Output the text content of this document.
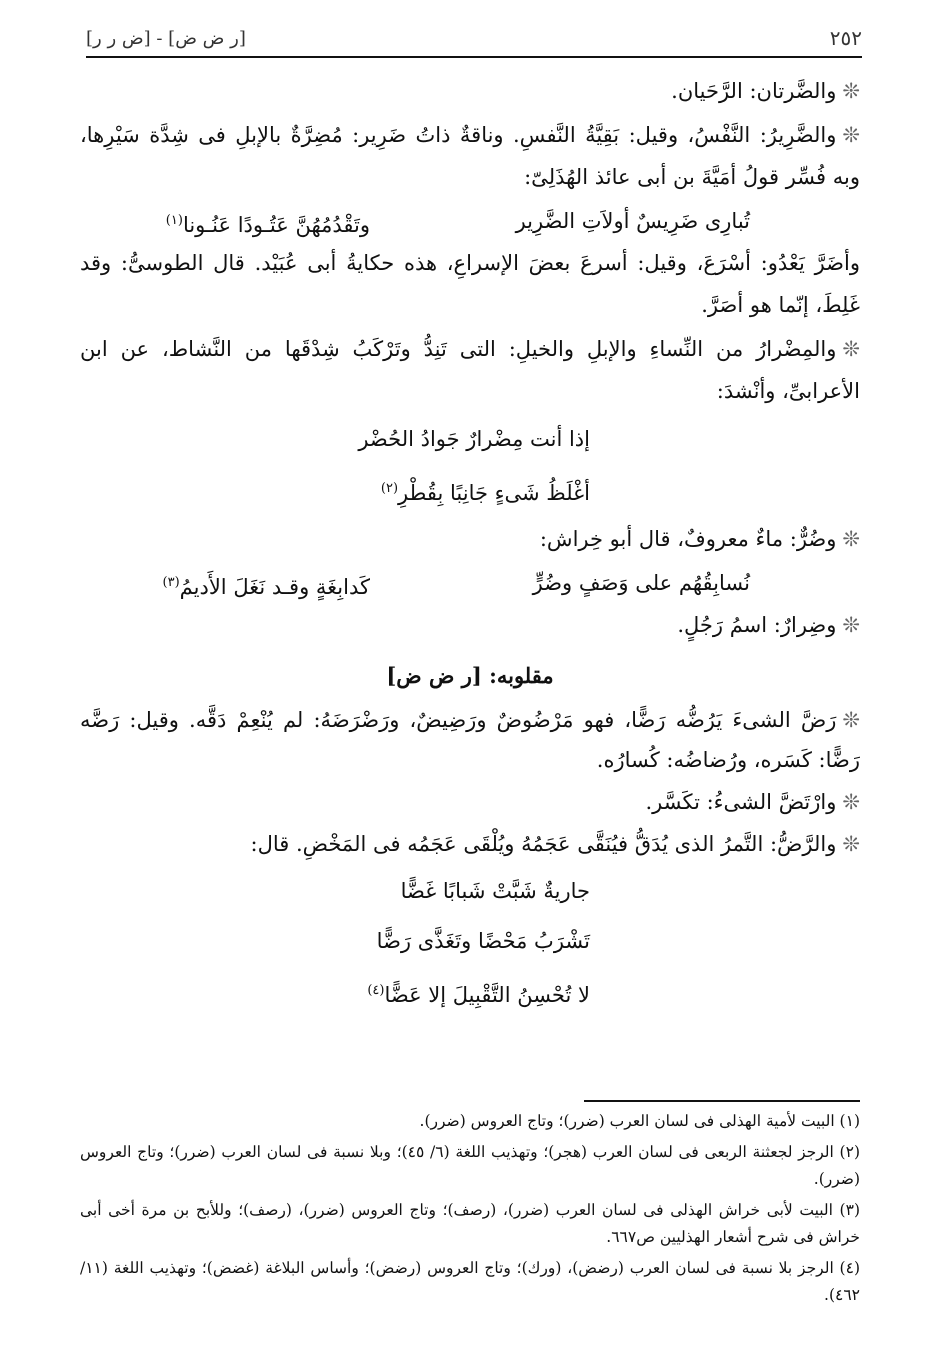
[ض ر ر] - [ر ض ض]	٢٥٢

❊والضَّرتان: الرَّحَيان.

❊والضَّرِيرُ: النَّفْسُ، وقيل: بَقِيَّةُ النَّفسِ. وناقةٌ ذاتُ ضَرِير: مُضِرَّةٌ بالإبلِ فى شِدَّة سَيْرِها، وبه فُسِّر قولُ أمَيَّةَ بن أبى عائذ الهُذَلِىّ:

تُبارِى ضَرِيسٌ أولاَتِ الضَّرِير
وتَقْدُمُهُنَّ عَتُـودًا عَنُـونا$^{(١)}$

وأضَرَّ يَعْدُو: أسْرَعَ، وقيل: أسرعَ بعضَ الإسراعِ، هذه حكايةُ أبى عُبَيْد. قال الطوسىُّ: وقد غَلِطَ، إنّما هو أصَرَّ.

❊والمِضْرارُ من النِّساءِ والإبلِ والخيلِ: التى تَنِدُّ وتَرْكَبُ شِدْقَها من النَّشاط، عن ابن الأعرابىِّ، وأنْشدَ:

إذا أنت مِضْرارٌ جَوادُ الحُضْر
أغْلَظُ شَىءٍ جَانِبًا بِقُطْرِ$^{(٢)}$

❊وضُرٌّ: ماءٌ معروفٌ، قال أبو خِراش:

نُسابِقُهُم على وَصَفٍ وضُرٍّ
كَدابِغَةٍ وقـد نَغَلَ الأَديمُ$^{(٣)}$

❊وضِرارٌ: اسمُ رَجُلٍ.

مقلوبه: [ر ض ض]

❊رَضَّ الشىءَ يَرُضُّه رَضًّا، فهو مَرْضُوضٌ ورَضِيضٌ، ورَضْرَضَهُ: لم يُنْعِمْ دَقَّه. وقيل: رَضَّه رَضًّا: كَسَره، ورُضاضُه: كُسارُه.

❊وارْتَضَّ الشىءُ: تكَسَّر.

❊والرَّضُّ: التَّمرُ الذى يُدَقُّ فيُنَقَّى عَجَمُهُ ويُلْقَى عَجَمُه فى المَخْضِ. قال:

جاريةٌ شَبَّتْ شَبابًا غَضًّا
تَشْرَبُ مَحْضًا وتَغَذَّى رَضًّا
لا تُحْسِنُ التَّقْبِيلَ إلا عَضًّا$^{(٤)}$

(١) البيت لأمية الهذلى فى لسان العرب (ضرر)؛ وتاج العروس (ضرر).

(٢) الرجز لجعثنة الربعى فى لسان العرب (هجر)؛ وتهذيب اللغة (٦/ ٤٥)؛ وبلا نسبة فى لسان العرب (ضرر)؛ وتاج العروس (ضرر).

(٣) البيت لأبى خراش الهذلى فى لسان العرب (ضرر)، (رصف)؛ وتاج العروس (ضرر)، (رصف)؛ وللأبح بن مرة أخى أبى خراش فى شرح أشعار الهذليين ص٦٦٧.

(٤) الرجز بلا نسبة فى لسان العرب (رضض)، (ورك)؛ وتاج العروس (رضض)؛ وأساس البلاغة (غضض)؛ وتهذيب اللغة (١١/ ٤٦٢).
